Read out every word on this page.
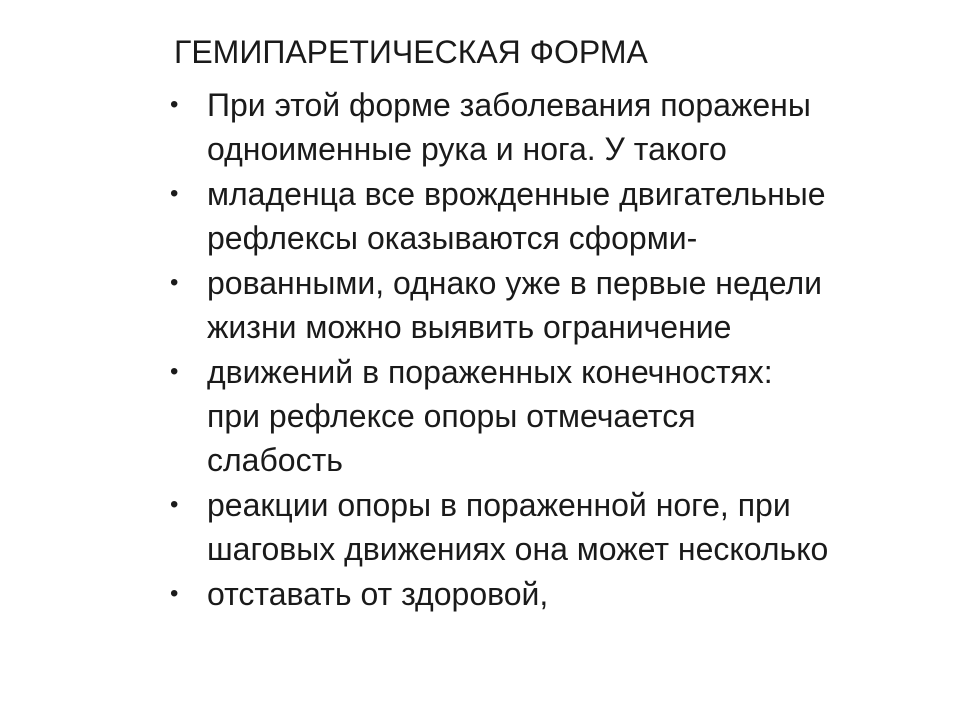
ГЕМИПАРЕТИЧЕСКАЯ ФОРМА
• При этой форме заболевания поражены
одноименные рука и нога. У такого
• младенца все врожденные двигательные
рефлексы оказываются сформи-
• рованными, однако уже в первые недели
жизни можно выявить ограничение
• движений в пораженных конечностях:
при рефлексе опоры отмечается
слабость
• реакции опоры в пораженной ноге, при
шаговых движениях она может несколько
• отставать от здоровой,
